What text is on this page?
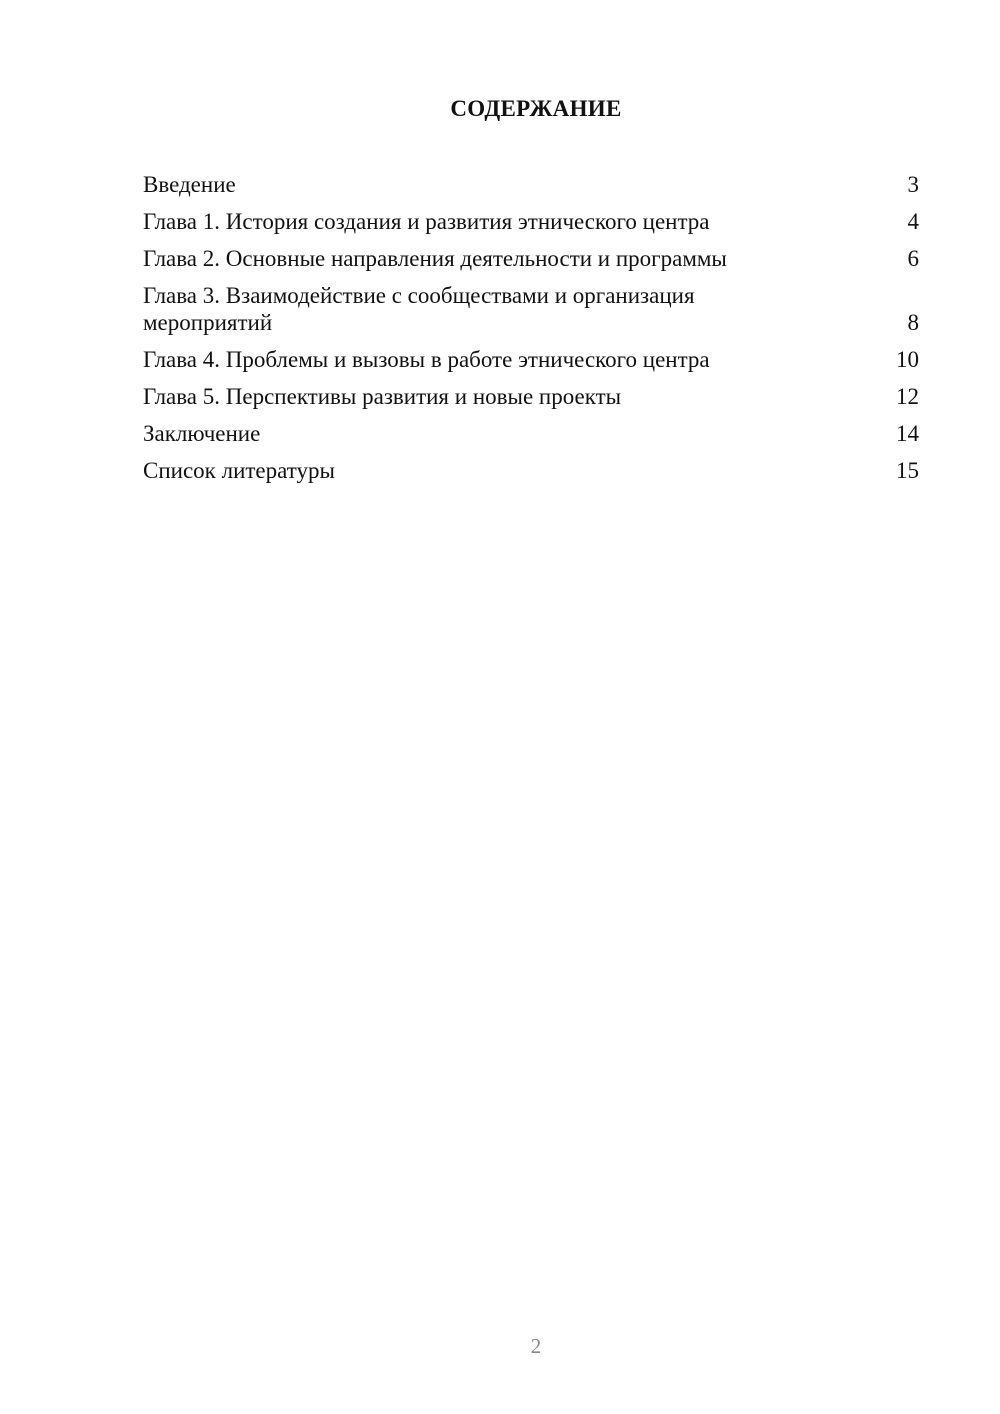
СОДЕРЖАНИЕ
Введение	3
Глава 1. История создания и развития этнического центра	4
Глава 2. Основные направления деятельности и программы	6
Глава 3. Взаимодействие с сообществами и организация мероприятий	8
Глава 4. Проблемы и вызовы в работе этнического центра	10
Глава 5. Перспективы развития и новые проекты	12
Заключение	14
Список литературы	15
2
